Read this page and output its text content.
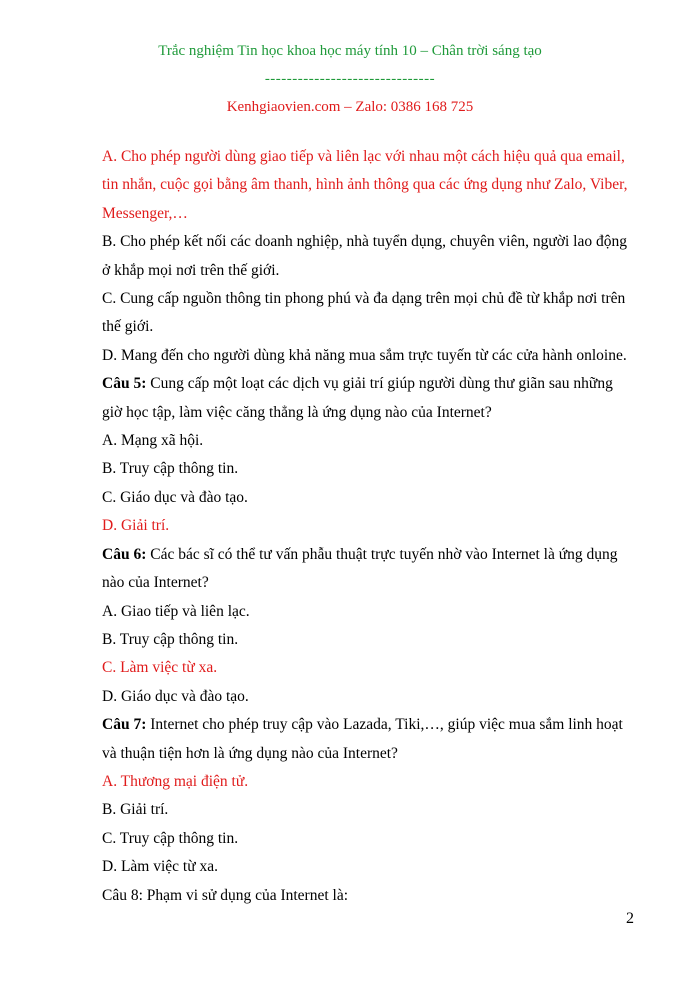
Trắc nghiệm Tin học khoa học máy tính 10 – Chân trời sáng tạo
-------------------------------
Kenhgiaovien.com – Zalo: 0386 168 725

A. Cho phép người dùng giao tiếp và liên lạc với nhau một cách hiệu quả qua email,

tin nhắn, cuộc gọi bằng âm thanh, hình ảnh thông qua các ứng dụng như Zalo, Viber,

Messenger,…

B. Cho phép kết nối các doanh nghiệp, nhà tuyển dụng, chuyên viên, người lao động

ở khắp mọi nơi trên thế giới.

C. Cung cấp nguồn thông tin phong phú và đa dạng trên mọi chủ đề từ khắp nơi trên

thế giới.

D. Mang đến cho người dùng khả năng mua sắm trực tuyến từ các cửa hành onloine.

Câu 5: Cung cấp một loạt các dịch vụ giải trí giúp người dùng thư giãn sau những

giờ học tập, làm việc căng thẳng là ứng dụng nào của Internet?

A. Mạng xã hội.

B. Truy cập thông tin.

C. Giáo dục và đào tạo.

D. Giải trí.

Câu 6: Các bác sĩ có thể tư vấn phẫu thuật trực tuyến nhờ vào Internet là ứng dụng

nào của Internet?

A. Giao tiếp và liên lạc.

B. Truy cập thông tin.

C. Làm việc từ xa.

D. Giáo dục và đào tạo.

Câu 7: Internet cho phép truy cập vào Lazada, Tiki,…, giúp việc mua sắm linh hoạt

và thuận tiện hơn là ứng dụng nào của Internet?

A. Thương mại điện tử.

B. Giải trí.

C. Truy cập thông tin.

D. Làm việc từ xa.

Câu 8: Phạm vi sử dụng của Internet là:

2
